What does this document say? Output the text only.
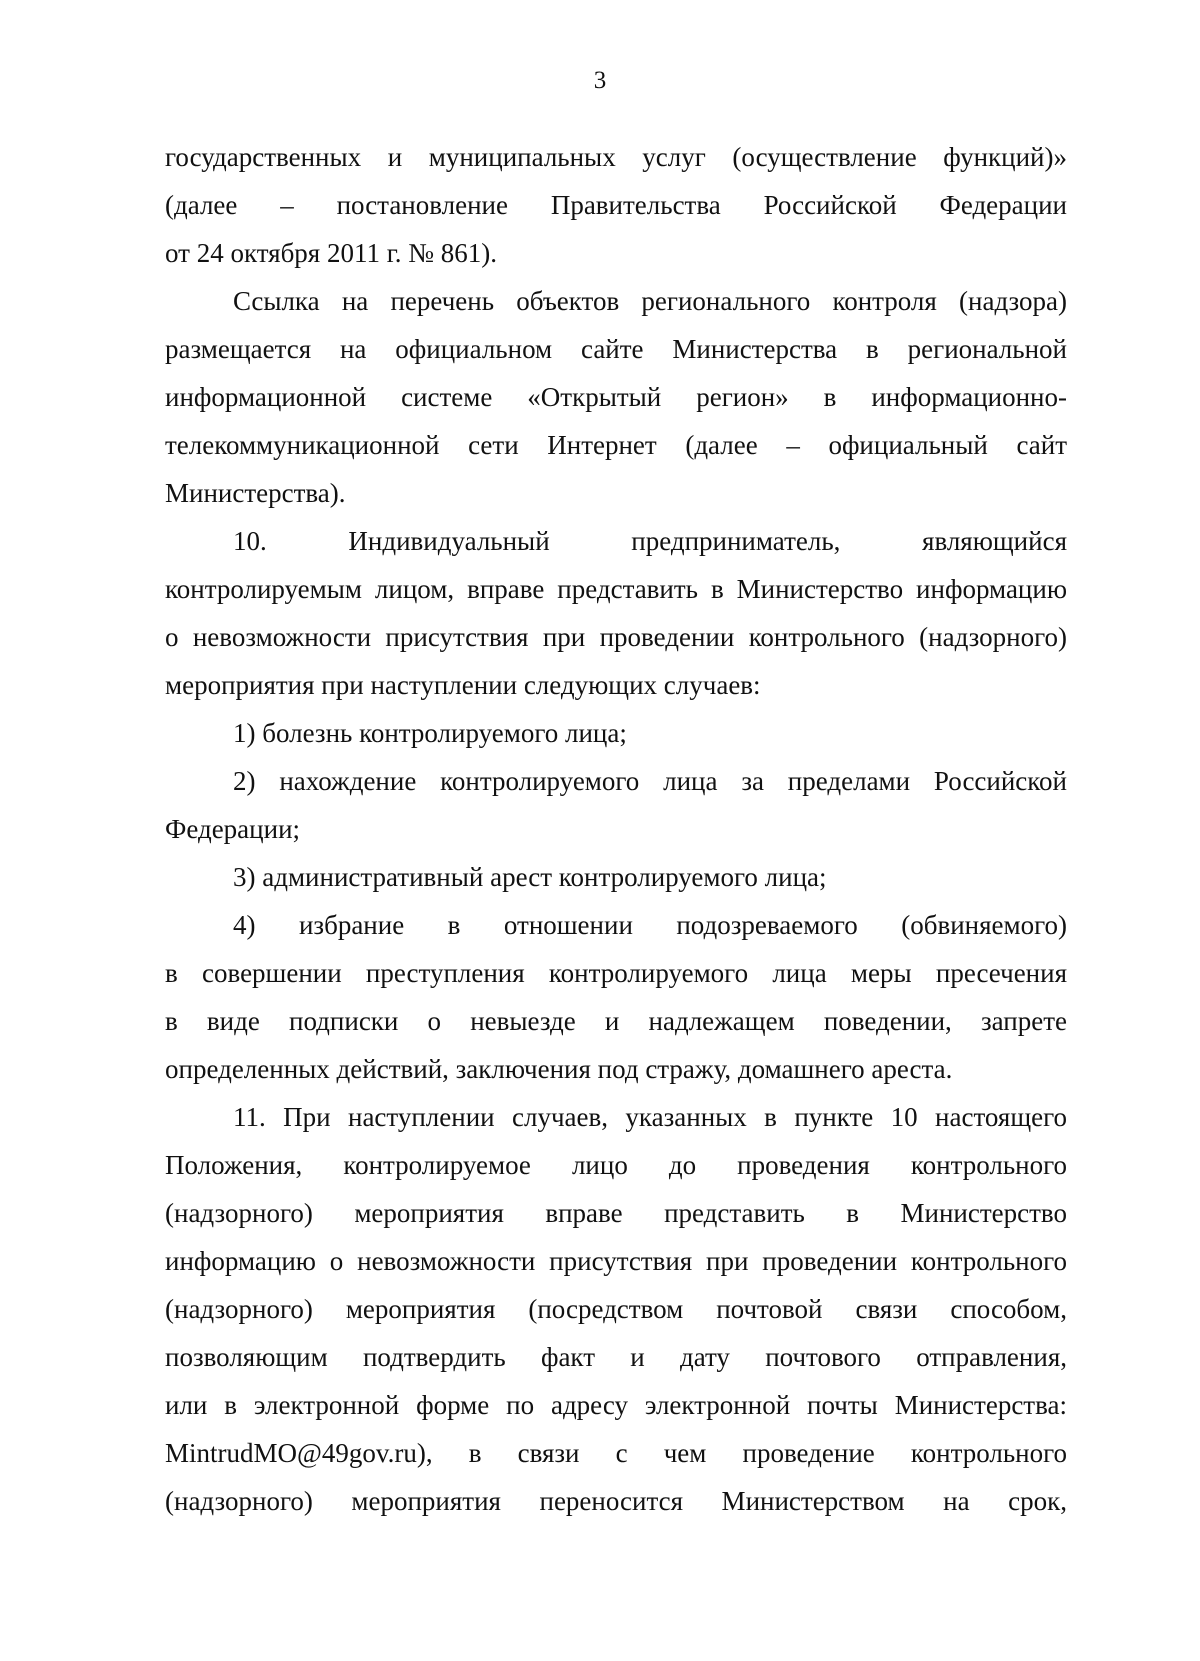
3

государственных и муниципальных услуг (осуществление функций)»
(далее – постановление Правительства Российской Федерации
от 24 октября 2011 г. № 861).

Ссылка на перечень объектов регионального контроля (надзора)
размещается на официальном сайте Министерства в региональной
информационной системе «Открытый регион» в информационно-
телекоммуникационной сети Интернет (далее – официальный сайт
Министерства).

10. Индивидуальный предприниматель, являющийся
контролируемым лицом, вправе представить в Министерство информацию
о невозможности присутствия при проведении контрольного (надзорного)
мероприятия при наступлении следующих случаев:

1) болезнь контролируемого лица;

2) нахождение контролируемого лица за пределами Российской
Федерации;

3) административный арест контролируемого лица;

4) избрание в отношении подозреваемого (обвиняемого)
в совершении преступления контролируемого лица меры пресечения
в виде подписки о невыезде и надлежащем поведении, запрете
определенных действий, заключения под стражу, домашнего ареста.

11. При наступлении случаев, указанных в пункте 10 настоящего
Положения, контролируемое лицо до проведения контрольного
(надзорного) мероприятия вправе представить в Министерство
информацию о невозможности присутствия при проведении контрольного
(надзорного) мероприятия (посредством почтовой связи способом,
позволяющим подтвердить факт и дату почтового отправления,
или в электронной форме по адресу электронной почты Министерства:
MintrudMO@49gov.ru), в связи с чем проведение контрольного
(надзорного) мероприятия переносится Министерством на срок,
